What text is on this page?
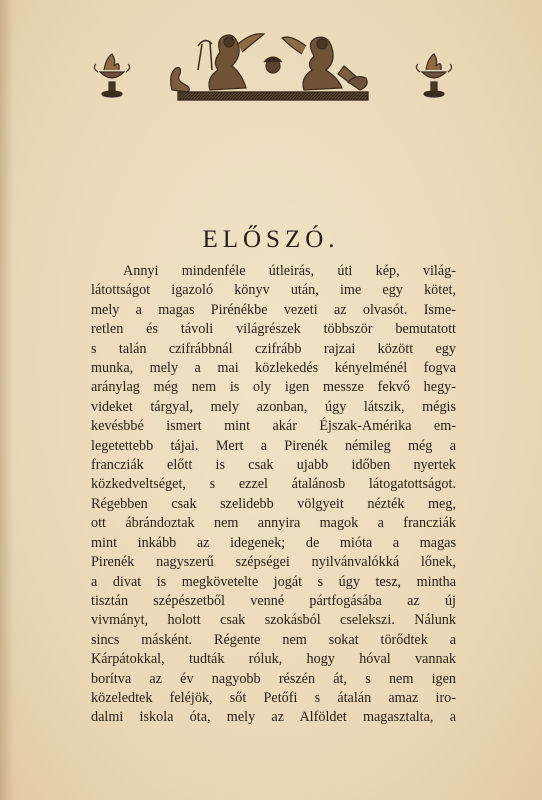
ELŐSZÓ.
Annyi mindenféle útleirás, úti kép, világ-
látottságot igazoló könyv után, ime egy kötet,
mely a magas Pirénékbe vezeti az olvasót. Isme-
retlen és távoli világrészek többször bemutatott
s talán czifrábbnál czifrább rajzai között egy
munka, mely a mai közlekedés kényelménél fogva
aránylag még nem is oly igen messze fekvő hegy-
videket tárgyal, mely azonban, úgy látszik, mégis
kevésbbé ismert mint akár Éjszak-Amérika em-
legetettebb tájai. Mert a Pirenék némileg még a
francziák előtt is csak ujabb időben nyertek
közkedveltséget, s ezzel átalánosb látogatottságot.
Régebben csak szelidebb völgyeit nézték meg,
ott ábrándoztak nem annyira magok a francziák
mint inkább az idegenek; de mióta a magas
Pirenék nagyszerű szépségei nyilvánvalókká lőnek,
a divat is megkövetelte jogát s úgy tesz, mintha
tisztán szépészetből venné pártfogásába az új
vivmányt, holott csak szokásból cselekszi. Nálunk
sincs másként. Régente nem sokat törődtek a
Kárpátokkal, tudták róluk, hogy hóval vannak
borítva az év nagyobb részén át, s nem igen
közeledtek feléjök, sőt Petőfi s átalán amaz iro-
dalmi iskola óta, mely az Alföldet magasztalta, a
